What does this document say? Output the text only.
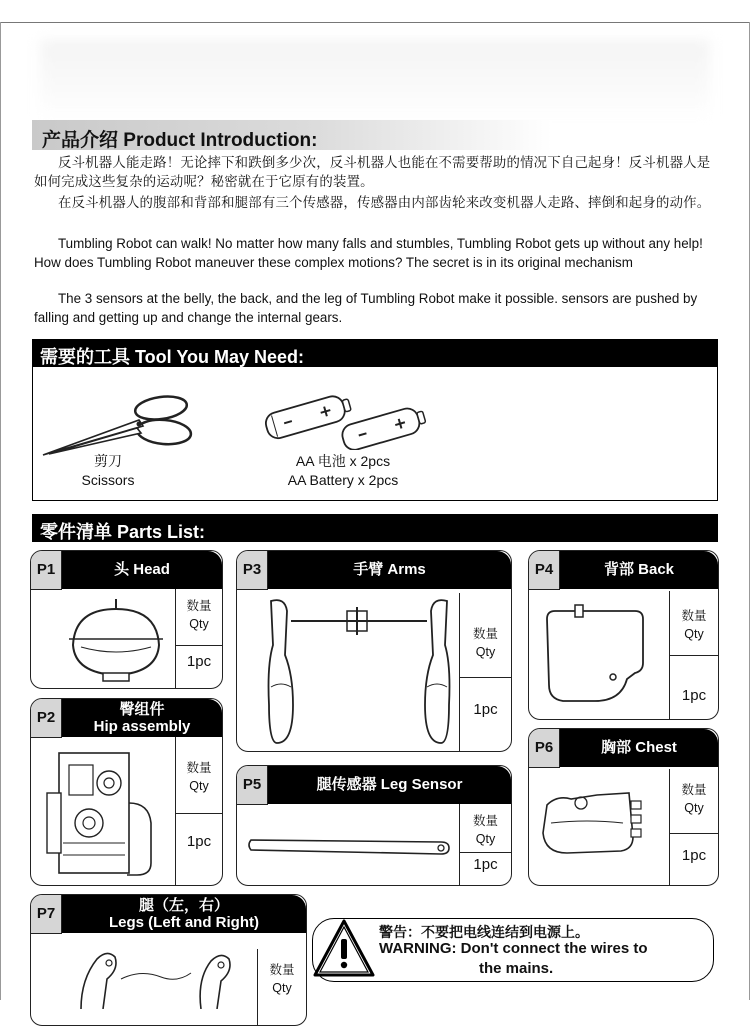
产品介绍 Product Introduction:
反斗机器人能走路！无论摔下和跌倒多少次，反斗机器人也能在不需要帮助的情况下自己起身！反斗机器人是如何完成这些复杂的运动呢？秘密就在于它原有的装置。
在反斗机器人的腹部和背部和腿部有三个传感器，传感器由内部齿轮来改变机器人走路、摔倒和起身的动作。
Tumbling Robot can walk! No matter how many falls and stumbles, Tumbling Robot gets up without any help! How does Tumbling Robot maneuver these complex motions? The secret is in its original mechanism
The 3 sensors at the belly, the back, and the leg of Tumbling Robot make it possible. sensors are pushed by falling and getting up and change the internal gears.
需要的工具 Tool You May Need:
剪刀
Scissors
AA 电池 x 2pcs
AA Battery x 2pcs
零件清单 Parts List:
P1	头 Head
数量
Qty
1pc
P3	手臂 Arms
数量
Qty
1pc
P4	背部 Back
数量
Qty
1pc
P2	臀组件
Hip assembly
数量
Qty
1pc
P5	腿传感器 Leg Sensor
数量
Qty
1pc
P6	胸部 Chest
数量
Qty
1pc
P7	腿（左，右）
Legs (Left and Right)
数量
Qty
警告：不要把电线连结到电源上。
WARNING: Don't connect the wires to
the mains.
